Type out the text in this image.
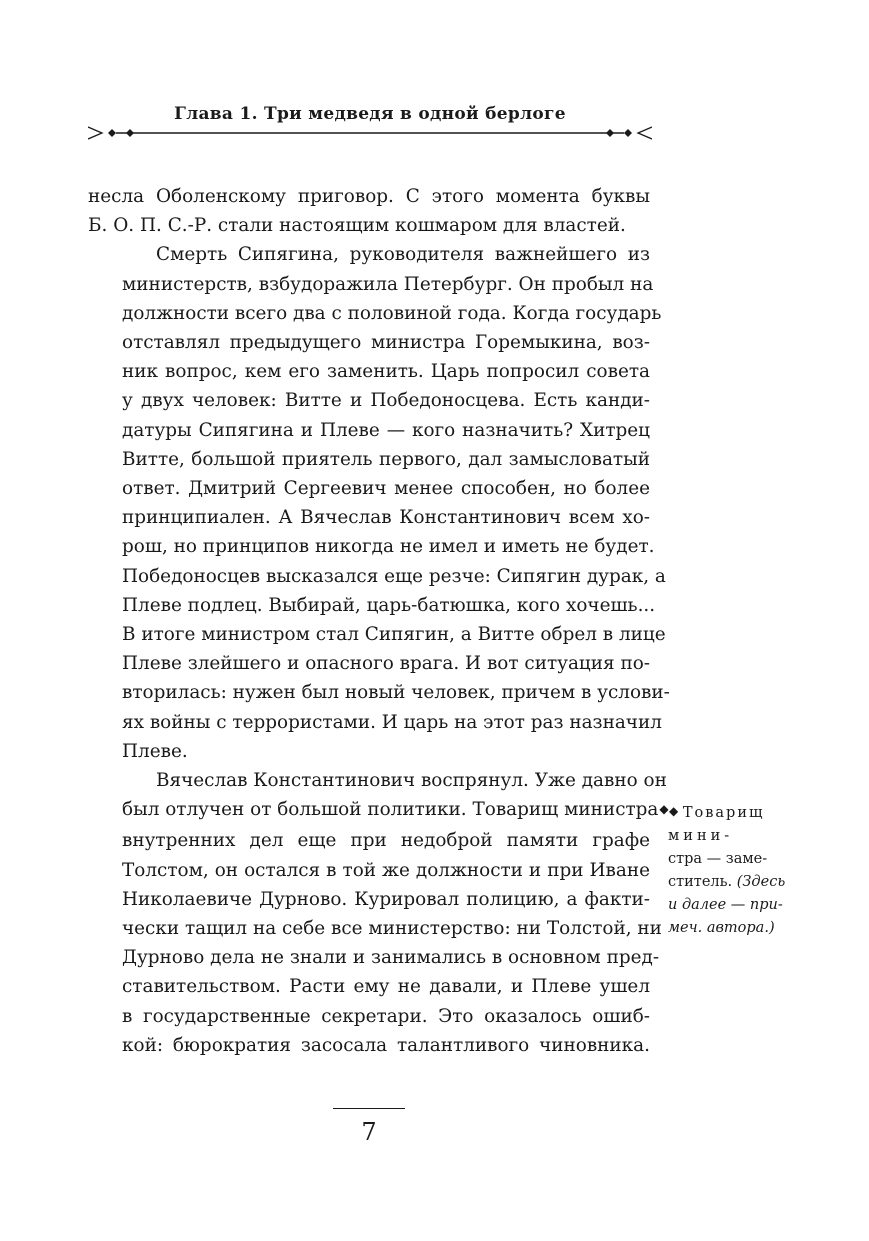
Глава 1. Три медведя в одной берлоге

несла Оболенскому приговор. С этого момента буквы
Б. О. П. С.-Р. стали настоящим кошмаром для властей.

Смерть Сипягина, руководителя важнейшего из
министерств, взбудоражила Петербург. Он пробыл на
должности всего два с половиной года. Когда государь
отставлял предыдущего министра Горемыкина, воз-
ник вопрос, кем его заменить. Царь попросил совета
у двух человек: Витте и Победоносцева. Есть канди-
датуры Сипягина и Плеве — кого назначить? Хитрец
Витте, большой приятель первого, дал замысловатый
ответ. Дмитрий Сергеевич менее способен, но более
принципиален. А Вячеслав Константинович всем хо-
рош, но принципов никогда не имел и иметь не будет.
Победоносцев высказался еще резче: Сипягин дурак, а
Плеве подлец. Выбирай, царь-батюшка, кого хочешь...
В итоге министром стал Сипягин, а Витте обрел в лице
Плеве злейшего и опасного врага. И вот ситуация по-
вторилась: нужен был новый человек, причем в услови-
ях войны с террористами. И царь на этот раз назначил
Плеве.

Вячеслав Константинович воспрянул. Уже давно он
был отлучен от большой политики. Товарищ министра◆
внутренних дел еще при недоброй памяти графе
Толстом, он остался в той же должности и при Иване
Николаевиче Дурново. Курировал полицию, а факти-
чески тащил на себе все министерство: ни Толстой, ни
Дурново дела не знали и занимались в основном пред-
ставительством. Расти ему не давали, и Плеве ушел
в государственные секретари. Это оказалось ошиб-
кой: бюрократия засосала талантливого чиновника.

◆ Товарищ
мини-
стра — заме-
ститель. (Здесь
и далее — при-
меч. автора.)
7
